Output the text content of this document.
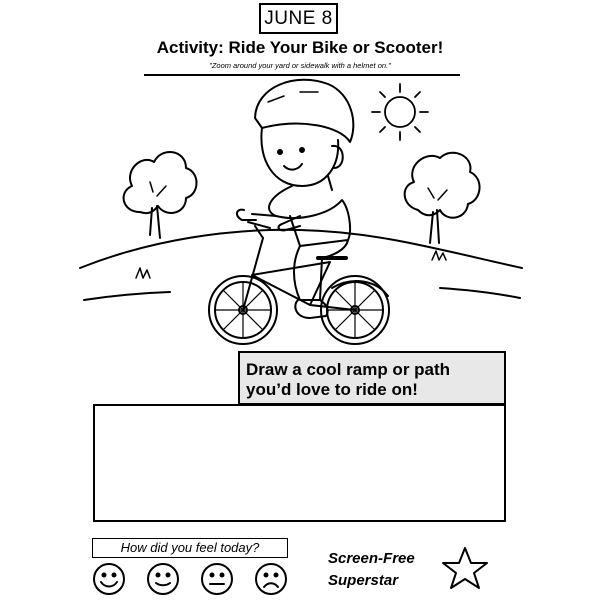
JUNE 8
Activity: Ride Your Bike or Scooter!
"Zoom around your yard or sidewalk with a helmet on."
Draw a cool ramp or path
you’d love to ride on!
How did you feel today?
Screen-Free
Superstar
